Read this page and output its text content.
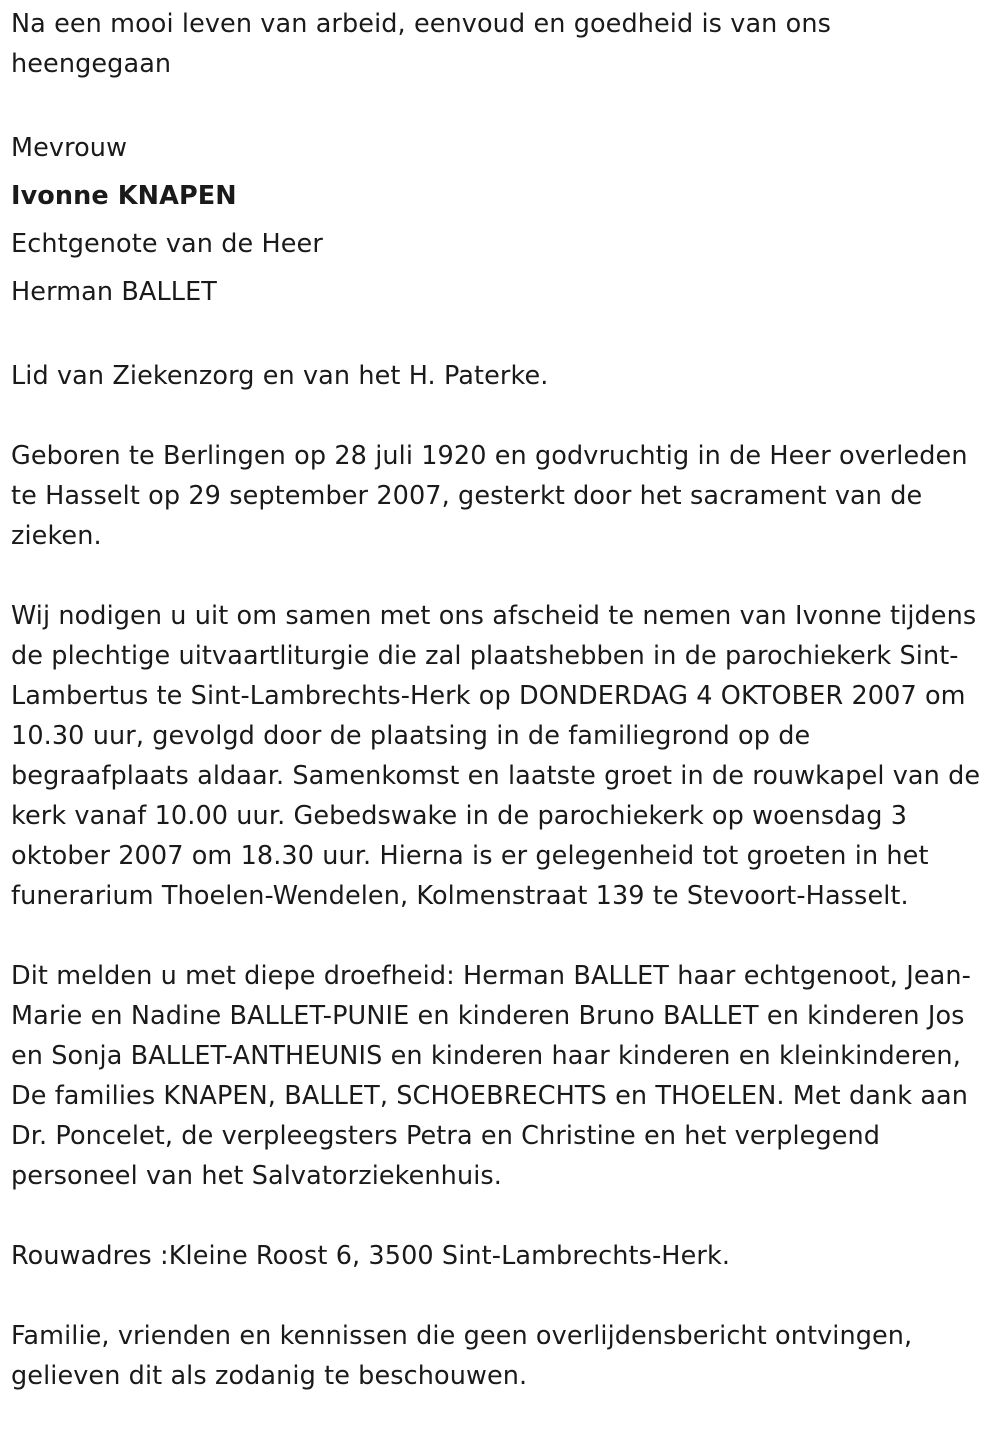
Na een mooi leven van arbeid, eenvoud en goedheid is van ons heengegaan

Mevrouw

Ivonne KNAPEN

Echtgenote van de Heer

Herman BALLET

Lid van Ziekenzorg en van het H. Paterke.

Geboren te Berlingen op 28 juli 1920 en godvruchtig in de Heer overleden te Hasselt op 29 september 2007, gesterkt door het sacrament van de zieken.

Wij nodigen u uit om samen met ons afscheid te nemen van Ivonne tijdens de plechtige uitvaartliturgie die zal plaatshebben in de parochiekerk Sint-Lambertus te Sint-Lambrechts-Herk op DONDERDAG 4 OKTOBER 2007 om 10.30 uur, gevolgd door de plaatsing in de familiegrond op de begraafplaats aldaar. Samenkomst en laatste groet in de rouwkapel van de kerk vanaf 10.00 uur. Gebedswake in de parochiekerk op woensdag 3 oktober 2007 om 18.30 uur. Hierna is er gelegenheid tot groeten in het funerarium Thoelen-Wendelen, Kolmenstraat 139 te Stevoort-Hasselt.

Dit melden u met diepe droefheid: Herman BALLET haar echtgenoot, Jean-Marie en Nadine BALLET-PUNIE en kinderen Bruno BALLET en kinderen Jos en Sonja BALLET-ANTHEUNIS en kinderen haar kinderen en kleinkinderen, De families KNAPEN, BALLET, SCHOEBRECHTS en THOELEN. Met dank aan Dr. Poncelet, de verpleegsters Petra en Christine en het verplegend personeel van het Salvatorziekenhuis.

Rouwadres :Kleine Roost 6, 3500 Sint-Lambrechts-Herk.

Familie, vrienden en kennissen die geen overlijdensbericht ontvingen, gelieven dit als zodanig te beschouwen.
